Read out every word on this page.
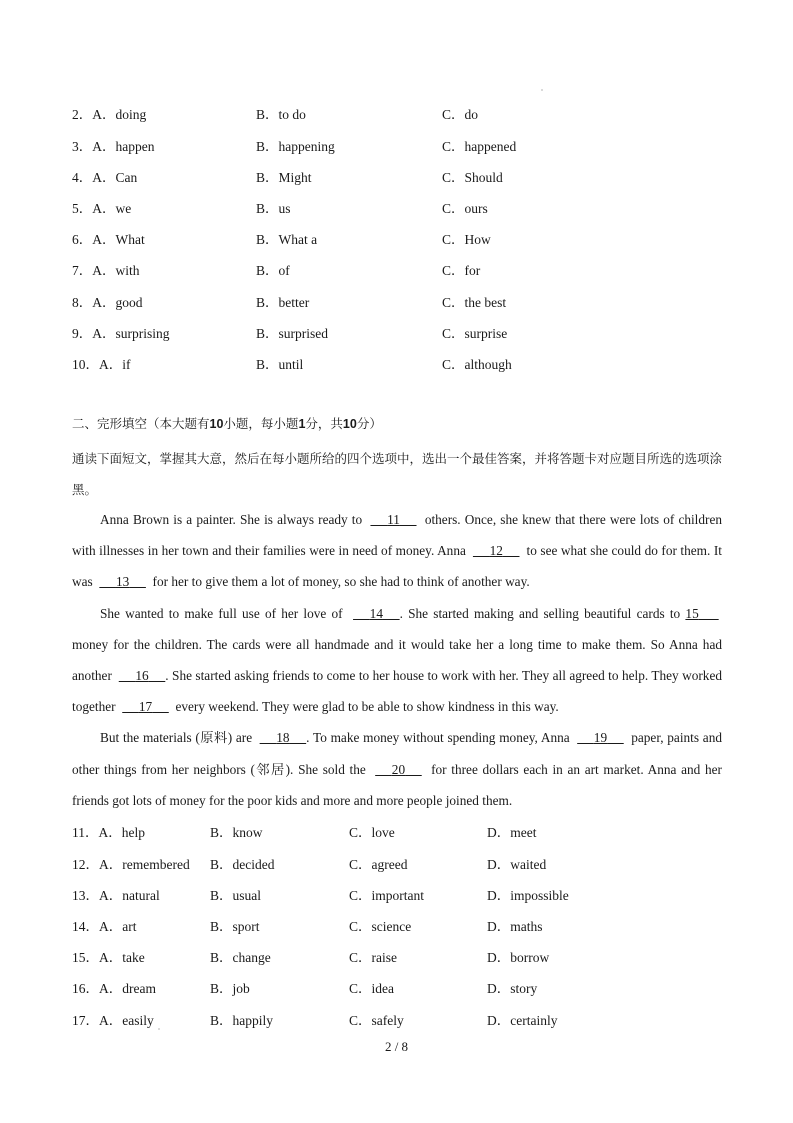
2．A．doing	B．to do	C．do
3．A．happen	B．happening	C．happened
4．A．Can	B．Might	C．Should
5．A．we	B．us	C．ours
6．A．What	B．What a	C．How
7．A．with	B．of	C．for
8．A．good	B．better	C．the best
9．A．surprising	B．surprised	C．surprise
10．A．if	B．until	C．although
二、完形填空（本大题有10小题，每小题1分，共10分）
通读下面短文，掌握其大意，然后在每小题所给的四个选项中，选出一个最佳答案，并将答题卡对应题目所选的选项涂黑。

Anna Brown is a painter. She is always ready to 11 others. Once, she knew that there were lots of children with illnesses in her town and their families were in need of money. Anna 12 to see what she could do for them. It was 13 for her to give them a lot of money, so she had to think of another way.

She wanted to make full use of her love of 14 . She started making and selling beautiful cards to 15        money for the children. The cards were all handmade and it would take her a long time to make them. So Anna had another 16 . She started asking friends to come to her house to work with her. They all agreed to help. They worked together 17 every weekend. They were glad to be able to show kindness in this way.

But the materials (原料) are 18 . To make money without spending money, Anna 19 paper, paints and other things from her neighbors (邻居). She sold the 20 for three dollars each in an art market. Anna and her friends got lots of money for the poor kids and more and more people joined them.

11．A．help	B．know	C．love	D．meet
12．A．remembered B．decided	C．agreed	D．waited
13．A．natural	B．usual	C．important	D．impossible
14．A．art	B．sport	C．science	D．maths
15．A．take	B．change	C．raise	D．borrow
16．A．dream	B．job	C．idea	D．story
17．A．easily	B．happily	C．safely	D．certainly
2 / 8
